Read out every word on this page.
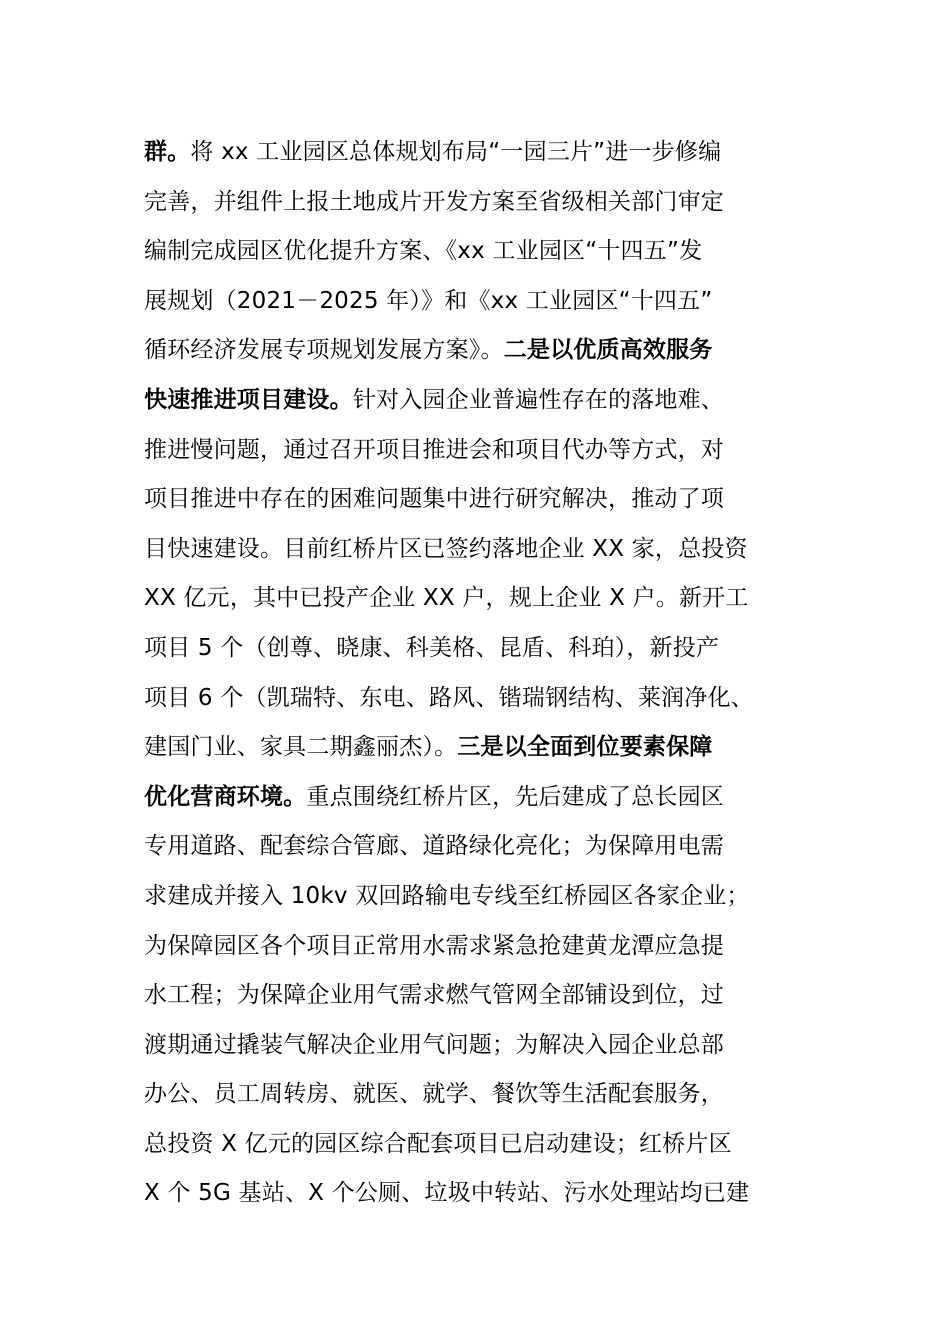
群。将 xx 工业园区总体规划布局“一园三片”进一步修编
完善，并组件上报土地成片开发方案至省级相关部门审定
编制完成园区优化提升方案、《xx 工业园区“十四五”发
展规划（2021－2025 年）》和《xx 工业园区“十四五”
循环经济发展专项规划发展方案》。二是以优质高效服务
快速推进项目建设。针对入园企业普遍性存在的落地难、
推进慢问题，通过召开项目推进会和项目代办等方式，对
项目推进中存在的困难问题集中进行研究解决，推动了项
目快速建设。目前红桥片区已签约落地企业 XX 家，总投资
XX 亿元，其中已投产企业 XX 户，规上企业 X 户。新开工
项目 5 个（创尊、晓康、科美格、昆盾、科珀），新投产
项目 6 个（凯瑞特、东电、路风、锴瑞钢结构、莱润净化、
建国门业、家具二期鑫丽杰）。三是以全面到位要素保障
优化营商环境。重点围绕红桥片区，先后建成了总长园区
专用道路、配套综合管廊、道路绿化亮化；为保障用电需
求建成并接入 10kv 双回路输电专线至红桥园区各家企业；
为保障园区各个项目正常用水需求紧急抢建黄龙潭应急提
水工程；为保障企业用气需求燃气管网全部铺设到位，过
渡期通过撬装气解决企业用气问题；为解决入园企业总部
办公、员工周转房、就医、就学、餐饮等生活配套服务，
总投资 X 亿元的园区综合配套项目已启动建设；红桥片区
X 个 5G 基站、X 个公厕、垃圾中转站、污水处理站均已建
